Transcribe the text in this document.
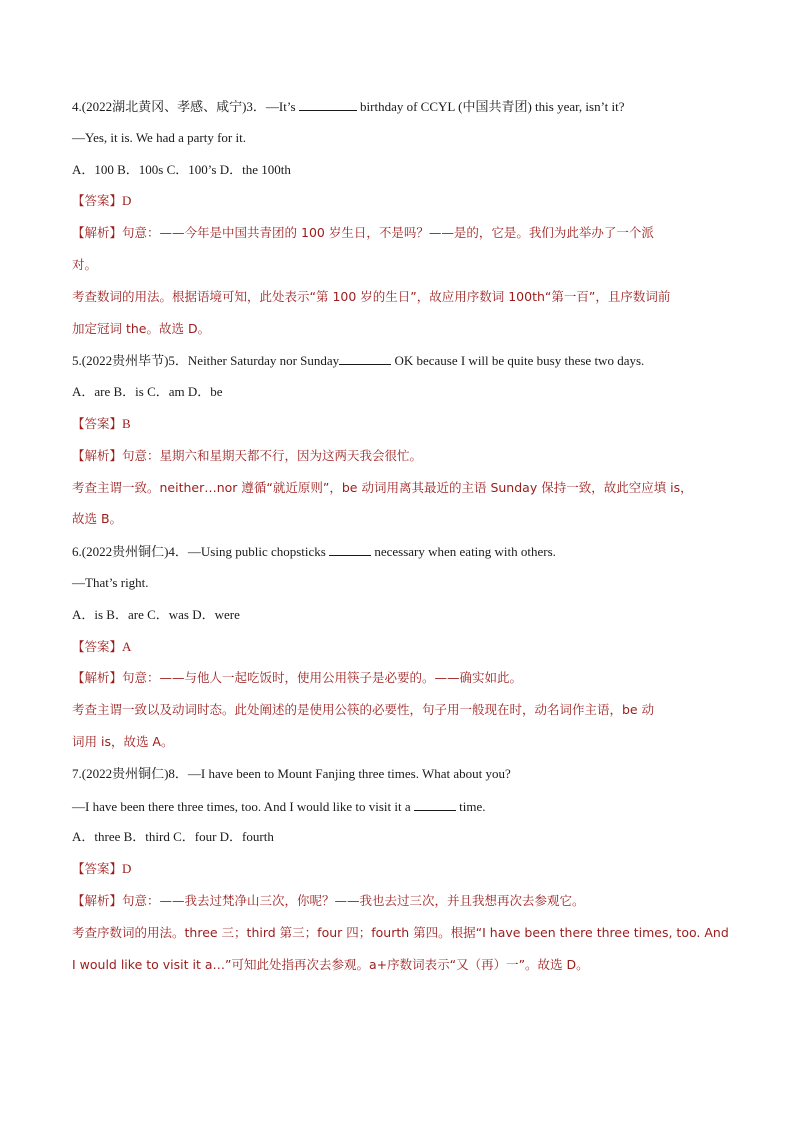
4.(2022湖北黄冈、孝感、咸宁)3．—It’s	birthday of CCYL (中国共青团) this year, isn’t it?
—Yes, it is. We had a party for it.
A．100 B．100s C．100’s D．the 100th
【答案】D
【解析】句意：——今年是中国共青团的 100 岁生日，不是吗？——是的，它是。我们为此举办了一个派
对。
考查数词的用法。根据语境可知，此处表示“第 100 岁的生日”，故应用序数词 100th“第一百”，且序数词前
加定冠词 the。故选 D。
5.(2022贵州毕节)5．Neither Saturday nor Sunday	OK because I will be quite busy these two days.
A．are B．is C．am D．be
【答案】B
【解析】句意：星期六和星期天都不行，因为这两天我会很忙。
考查主谓一致。neither…nor 遵循“就近原则”，be 动词用离其最近的主语 Sunday 保持一致，故此空应填 is，
故选 B。
6.(2022贵州铜仁)4．—Using public chopsticks	necessary when eating with others.
—That’s right.
A．is B．are C．was D．were
【答案】A
【解析】句意：——与他人一起吃饭时，使用公用筷子是必要的。——确实如此。
考查主谓一致以及动词时态。此处阐述的是使用公筷的必要性，句子用一般现在时，动名词作主语，be 动
词用 is，故选 A。
7.(2022贵州铜仁)8．—I have been to Mount Fanjing three times. What about you?
—I have been there three times, too. And I would like to visit it a	time.
A．three B．third C．four D．fourth
【答案】D
【解析】句意：——我去过梵净山三次，你呢？——我也去过三次，并且我想再次去参观它。
考查序数词的用法。three 三；third 第三；four 四；fourth 第四。根据“I have been there three times, too. And
I would like to visit it a…”可知此处指再次去参观。a+序数词表示“又（再）一”。故选 D。
